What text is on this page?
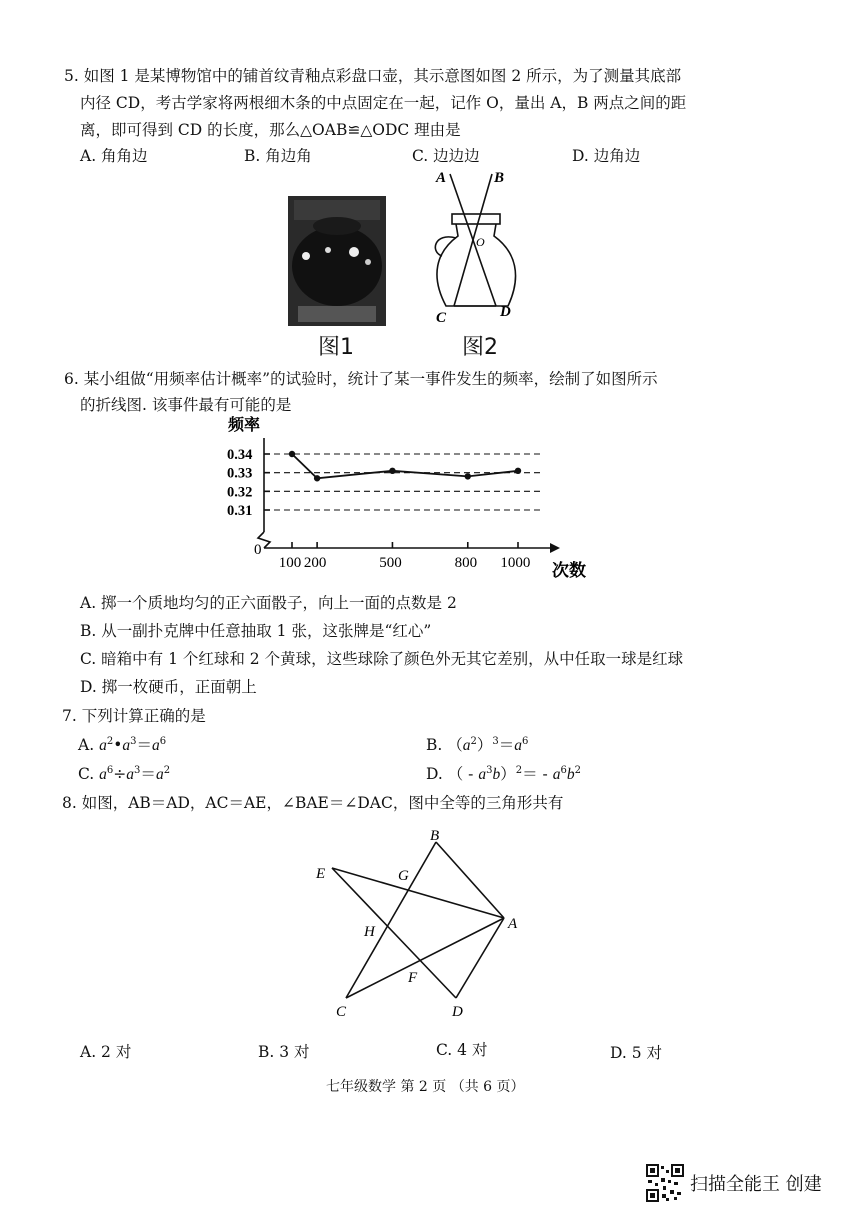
5. 如图 1 是某博物馆中的铺首纹青釉点彩盘口壶，其示意图如图 2 所示，为了测量其底部
内径 CD，考古学家将两根细木条的中点固定在一起，记作 O，量出 A，B 两点之间的距
离，即可得到 CD 的长度，那么△OAB≌△ODC 理由是
A. 角角边	B. 角边角	C. 边边边	D. 边角边
A	B
O
C	D
图1	图2
6. 某小组做“用频率估计概率”的试验时，统计了某一事件发生的频率，绘制了如图所示
的折线图. 该事件最有可能的是
频率
0.31
0.32
0.33
0.34
0
次数
100 200	500	800 1000
A. 掷一个质地均匀的正六面骰子，向上一面的点数是 2
B. 从一副扑克牌中任意抽取 1 张，这张牌是“红心”
C. 暗箱中有 1 个红球和 2 个黄球，这些球除了颜色外无其它差别，从中任取一球是红球
D. 掷一枚硬币，正面朝上
7. 下列计算正确的是
A. $a^2•a^3=a^6$	B. $(a^2)^3=a^6$
C. $a^6\div a^3=a^2$	D. （ - $a^3b)^2= - a^6b^2$
8. 如图，AB＝AD，AC＝AE，∠BAE＝∠DAC，图中全等的三角形共有
B
E	G
A
H
F
C	D
A. 2 对	B. 3 对	C. 4 对	D. 5 对
七年级数学 第 2 页 （共 6 页）
扫描全能王 创建
